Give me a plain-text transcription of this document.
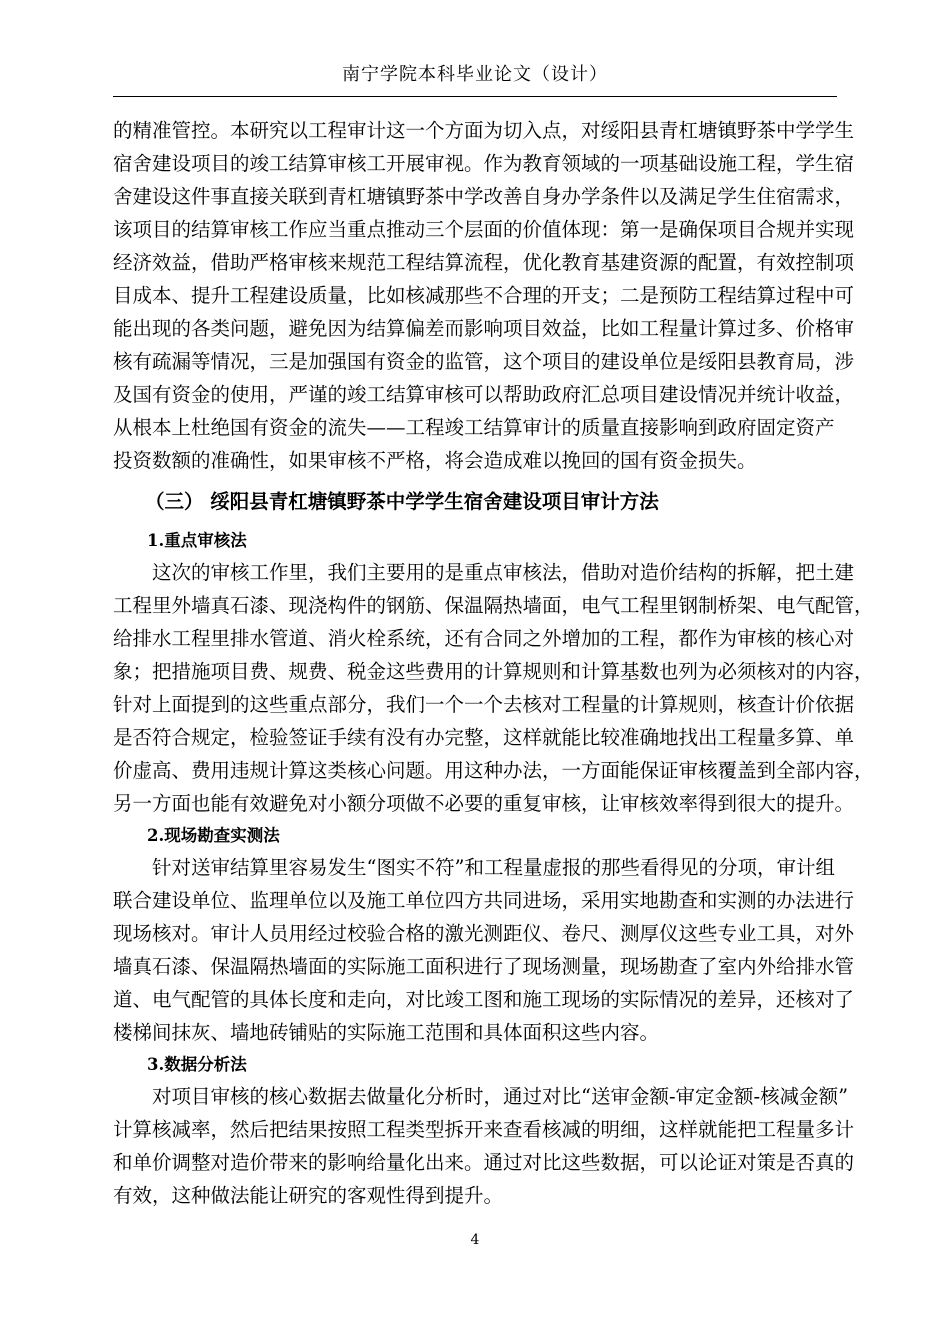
南宁学院本科毕业论文（设计）

的精准管控。本研究以工程审计这一个方面为切入点，对绥阳县青杠塘镇野茶中学学生
宿舍建设项目的竣工结算审核工开展审视。作为教育领域的一项基础设施工程，学生宿
舍建设这件事直接关联到青杠塘镇野茶中学改善自身办学条件以及满足学生住宿需求，
该项目的结算审核工作应当重点推动三个层面的价值体现：第一是确保项目合规并实现
经济效益，借助严格审核来规范工程结算流程，优化教育基建资源的配置，有效控制项
目成本、提升工程建设质量，比如核减那些不合理的开支；二是预防工程结算过程中可
能出现的各类问题，避免因为结算偏差而影响项目效益，比如工程量计算过多、价格审
核有疏漏等情况，三是加强国有资金的监管，这个项目的建设单位是绥阳县教育局，涉
及国有资金的使用，严谨的竣工结算审核可以帮助政府汇总项目建设情况并统计收益，
从根本上杜绝国有资金的流失——工程竣工结算审计的质量直接影响到政府固定资产
投资数额的准确性，如果审核不严格，将会造成难以挽回的国有资金损失。

（三） 绥阳县青杠塘镇野茶中学学生宿舍建设项目审计方法
1.重点审核法

这次的审核工作里，我们主要用的是重点审核法，借助对造价结构的拆解，把土建
工程里外墙真石漆、现浇构件的钢筋、保温隔热墙面，电气工程里钢制桥架、电气配管，
给排水工程里排水管道、消火栓系统，还有合同之外增加的工程，都作为审核的核心对
象；把措施项目费、规费、税金这些费用的计算规则和计算基数也列为必须核对的内容，
针对上面提到的这些重点部分，我们一个一个去核对工程量的计算规则，核查计价依据
是否符合规定，检验签证手续有没有办完整，这样就能比较准确地找出工程量多算、单
价虚高、费用违规计算这类核心问题。用这种办法，一方面能保证审核覆盖到全部内容，
另一方面也能有效避免对小额分项做不必要的重复审核，让审核效率得到很大的提升。

2.现场勘查实测法

针对送审结算里容易发生“图实不符”和工程量虚报的那些看得见的分项，审计组
联合建设单位、监理单位以及施工单位四方共同进场，采用实地勘查和实测的办法进行
现场核对。审计人员用经过校验合格的激光测距仪、卷尺、测厚仪这些专业工具，对外
墙真石漆、保温隔热墙面的实际施工面积进行了现场测量，现场勘查了室内外给排水管
道、电气配管的具体长度和走向，对比竣工图和施工现场的实际情况的差异，还核对了
楼梯间抹灰、墙地砖铺贴的实际施工范围和具体面积这些内容。

3.数据分析法

对项目审核的核心数据去做量化分析时，通过对比“送审金额-审定金额-核减金额”
计算核减率，然后把结果按照工程类型拆开来查看核减的明细，这样就能把工程量多计
和单价调整对造价带来的影响给量化出来。通过对比这些数据，可以论证对策是否真的
有效，这种做法能让研究的客观性得到提升。

4
